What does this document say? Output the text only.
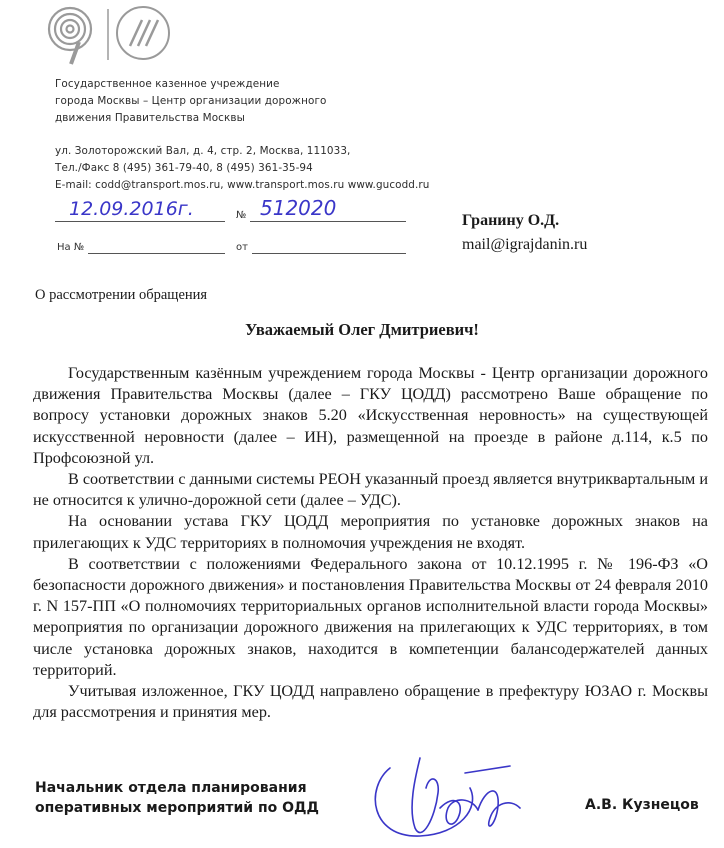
Государственное казенное учреждение
города Москвы – Центр организации дорожного
движения Правительства Москвы
ул. Золоторожский Вал, д. 4, стр. 2, Москва, 111033,
Тел./Факс 8 (495) 361-79-40, 8 (495) 361-35-94
E-mail: codd@transport.mos.ru, www.transport.mos.ru www.gucodd.ru
12.09.2016г.	№ 512020
На №	от
Гранину О.Д.
mail@igrajdanin.ru
О рассмотрении обращения
Уважаемый Олег Дмитриевич!

Государственным казённым учреждением города Москвы - Центр организации дорожного движения Правительства Москвы (далее – ГКУ ЦОДД) рассмотрено Ваше обращение по вопросу установки дорожных знаков 5.20 «Искусственная неровность» на существующей искусственной неровности (далее – ИН), размещенной на проезде в районе д.114, к.5 по Профсоюзной ул.

В соответствии с данными системы РЕОН указанный проезд является внутриквартальным и не относится к улично-дорожной сети (далее – УДС).

На основании устава ГКУ ЦОДД мероприятия по установке дорожных знаков на прилегающих к УДС территориях в полномочия учреждения не входят.

В соответствии с положениями Федерального закона от 10.12.1995 г. № 196-ФЗ «О безопасности дорожного движения» и постановления Правительства Москвы от 24 февраля 2010 г. N 157-ПП «О полномочиях территориальных органов исполнительной власти города Москвы» мероприятия по организации дорожного движения на прилегающих к УДС территориях, в том числе установка дорожных знаков, находится в компетенции балансодержателей данных территорий.

Учитывая изложенное, ГКУ ЦОДД направлено обращение в префектуру ЮЗАО г. Москвы для рассмотрения и принятия мер.

Начальник отдела планирования
оперативных мероприятий по ОДД	А.В. Кузнецов
